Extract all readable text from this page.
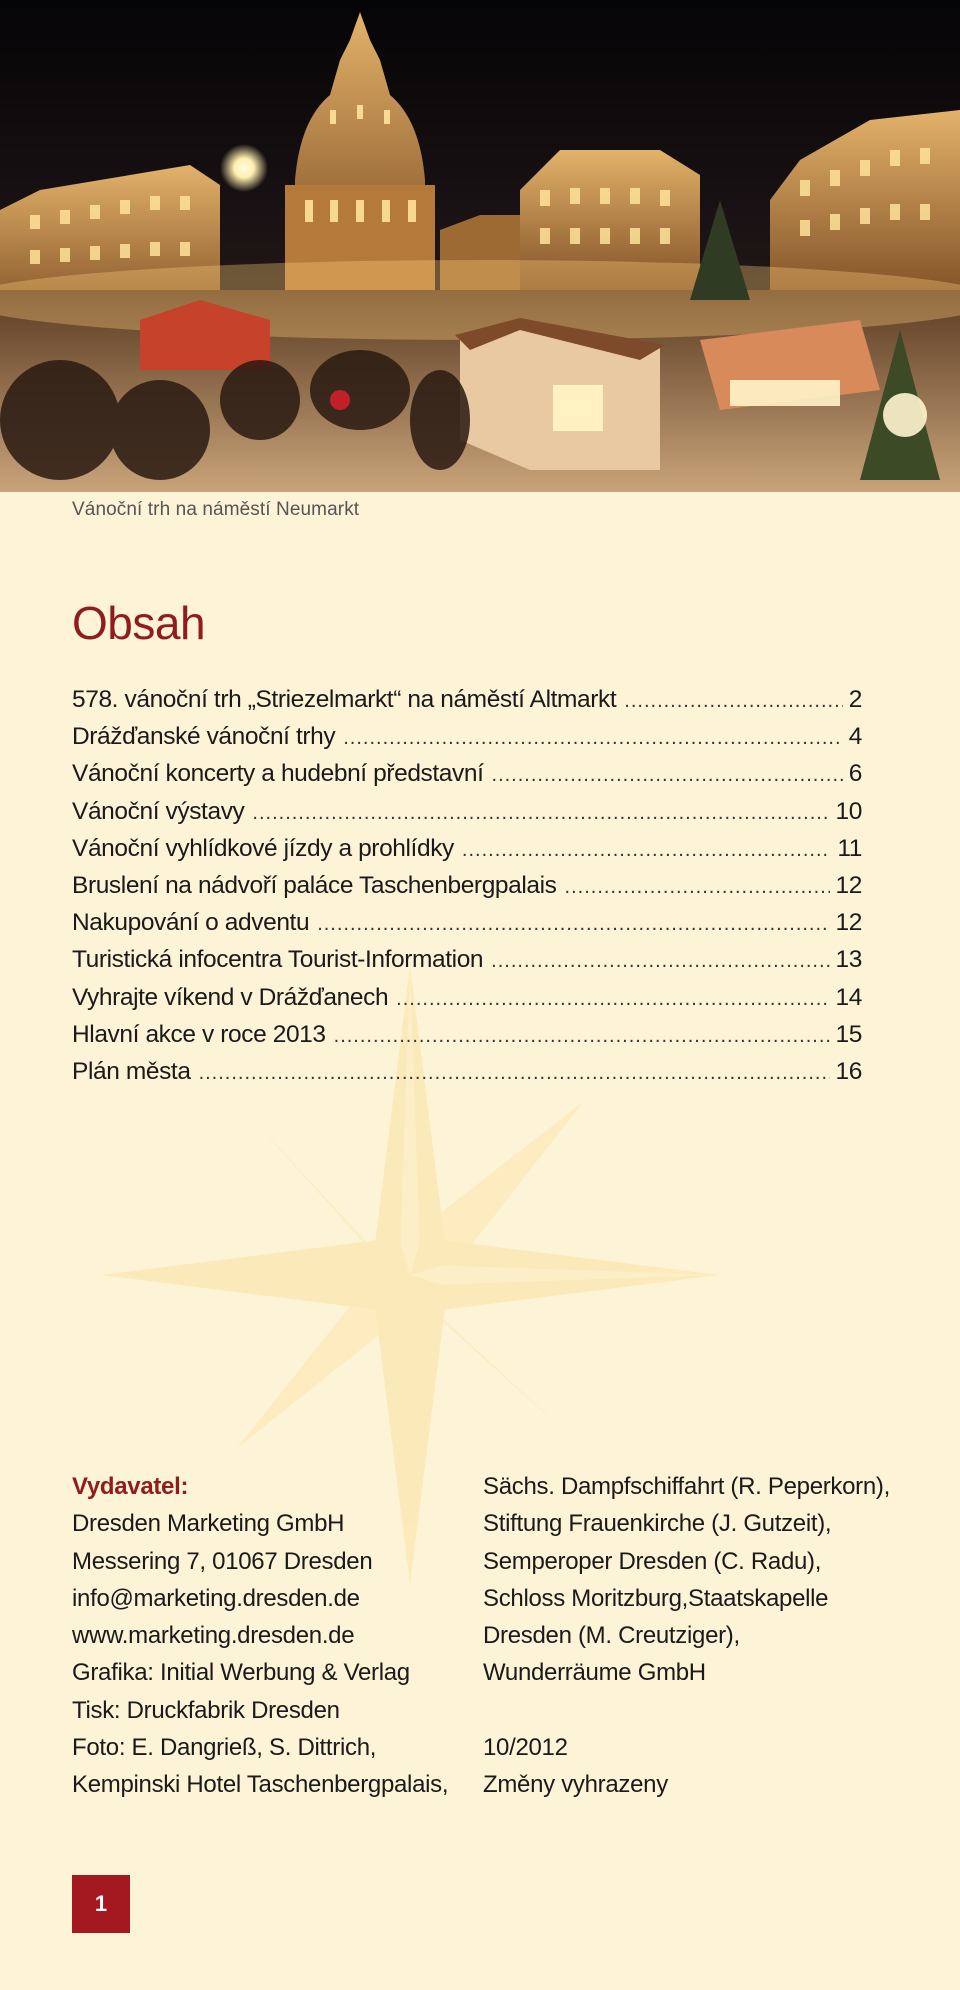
Vánoční trh na náměstí Neumarkt
Obsah
578. vánoční trh „Striezelmarkt“ na náměstí Altmarkt .....	2
Drážďanské vánoční trhy .....	4
Vánoční koncerty a hudební představní .....	6
Vánoční výstavy .....	10
Vánoční vyhlídkové jízdy a prohlídky .....	11
Bruslení na nádvoří paláce Taschenbergpalais .....	12
Nakupování o adventu .....	12
Turistická infocentra Tourist-Information .....	13
Vyhrajte víkend v Drážďanech .....	14
Hlavní akce v roce 2013 .....	15
Plán města .....	16
Vydavatel:
Dresden Marketing GmbH
Messering 7, 01067 Dresden
info@marketing.dresden.de
www.marketing.dresden.de
Grafika: Initial Werbung & Verlag
Tisk: Druckfabrik Dresden
Foto: E. Dangrieß, S. Dittrich,
Kempinski Hotel Taschenbergpalais,
Sächs. Dampfschiffahrt (R. Peperkorn),
Stiftung Frauenkirche (J. Gutzeit),
Semperoper Dresden (C. Radu),
Schloss Moritzburg,Staatskapelle
Dresden (M. Creutziger),
Wunderräume GmbH
10/2012
Změny vyhrazeny
1
